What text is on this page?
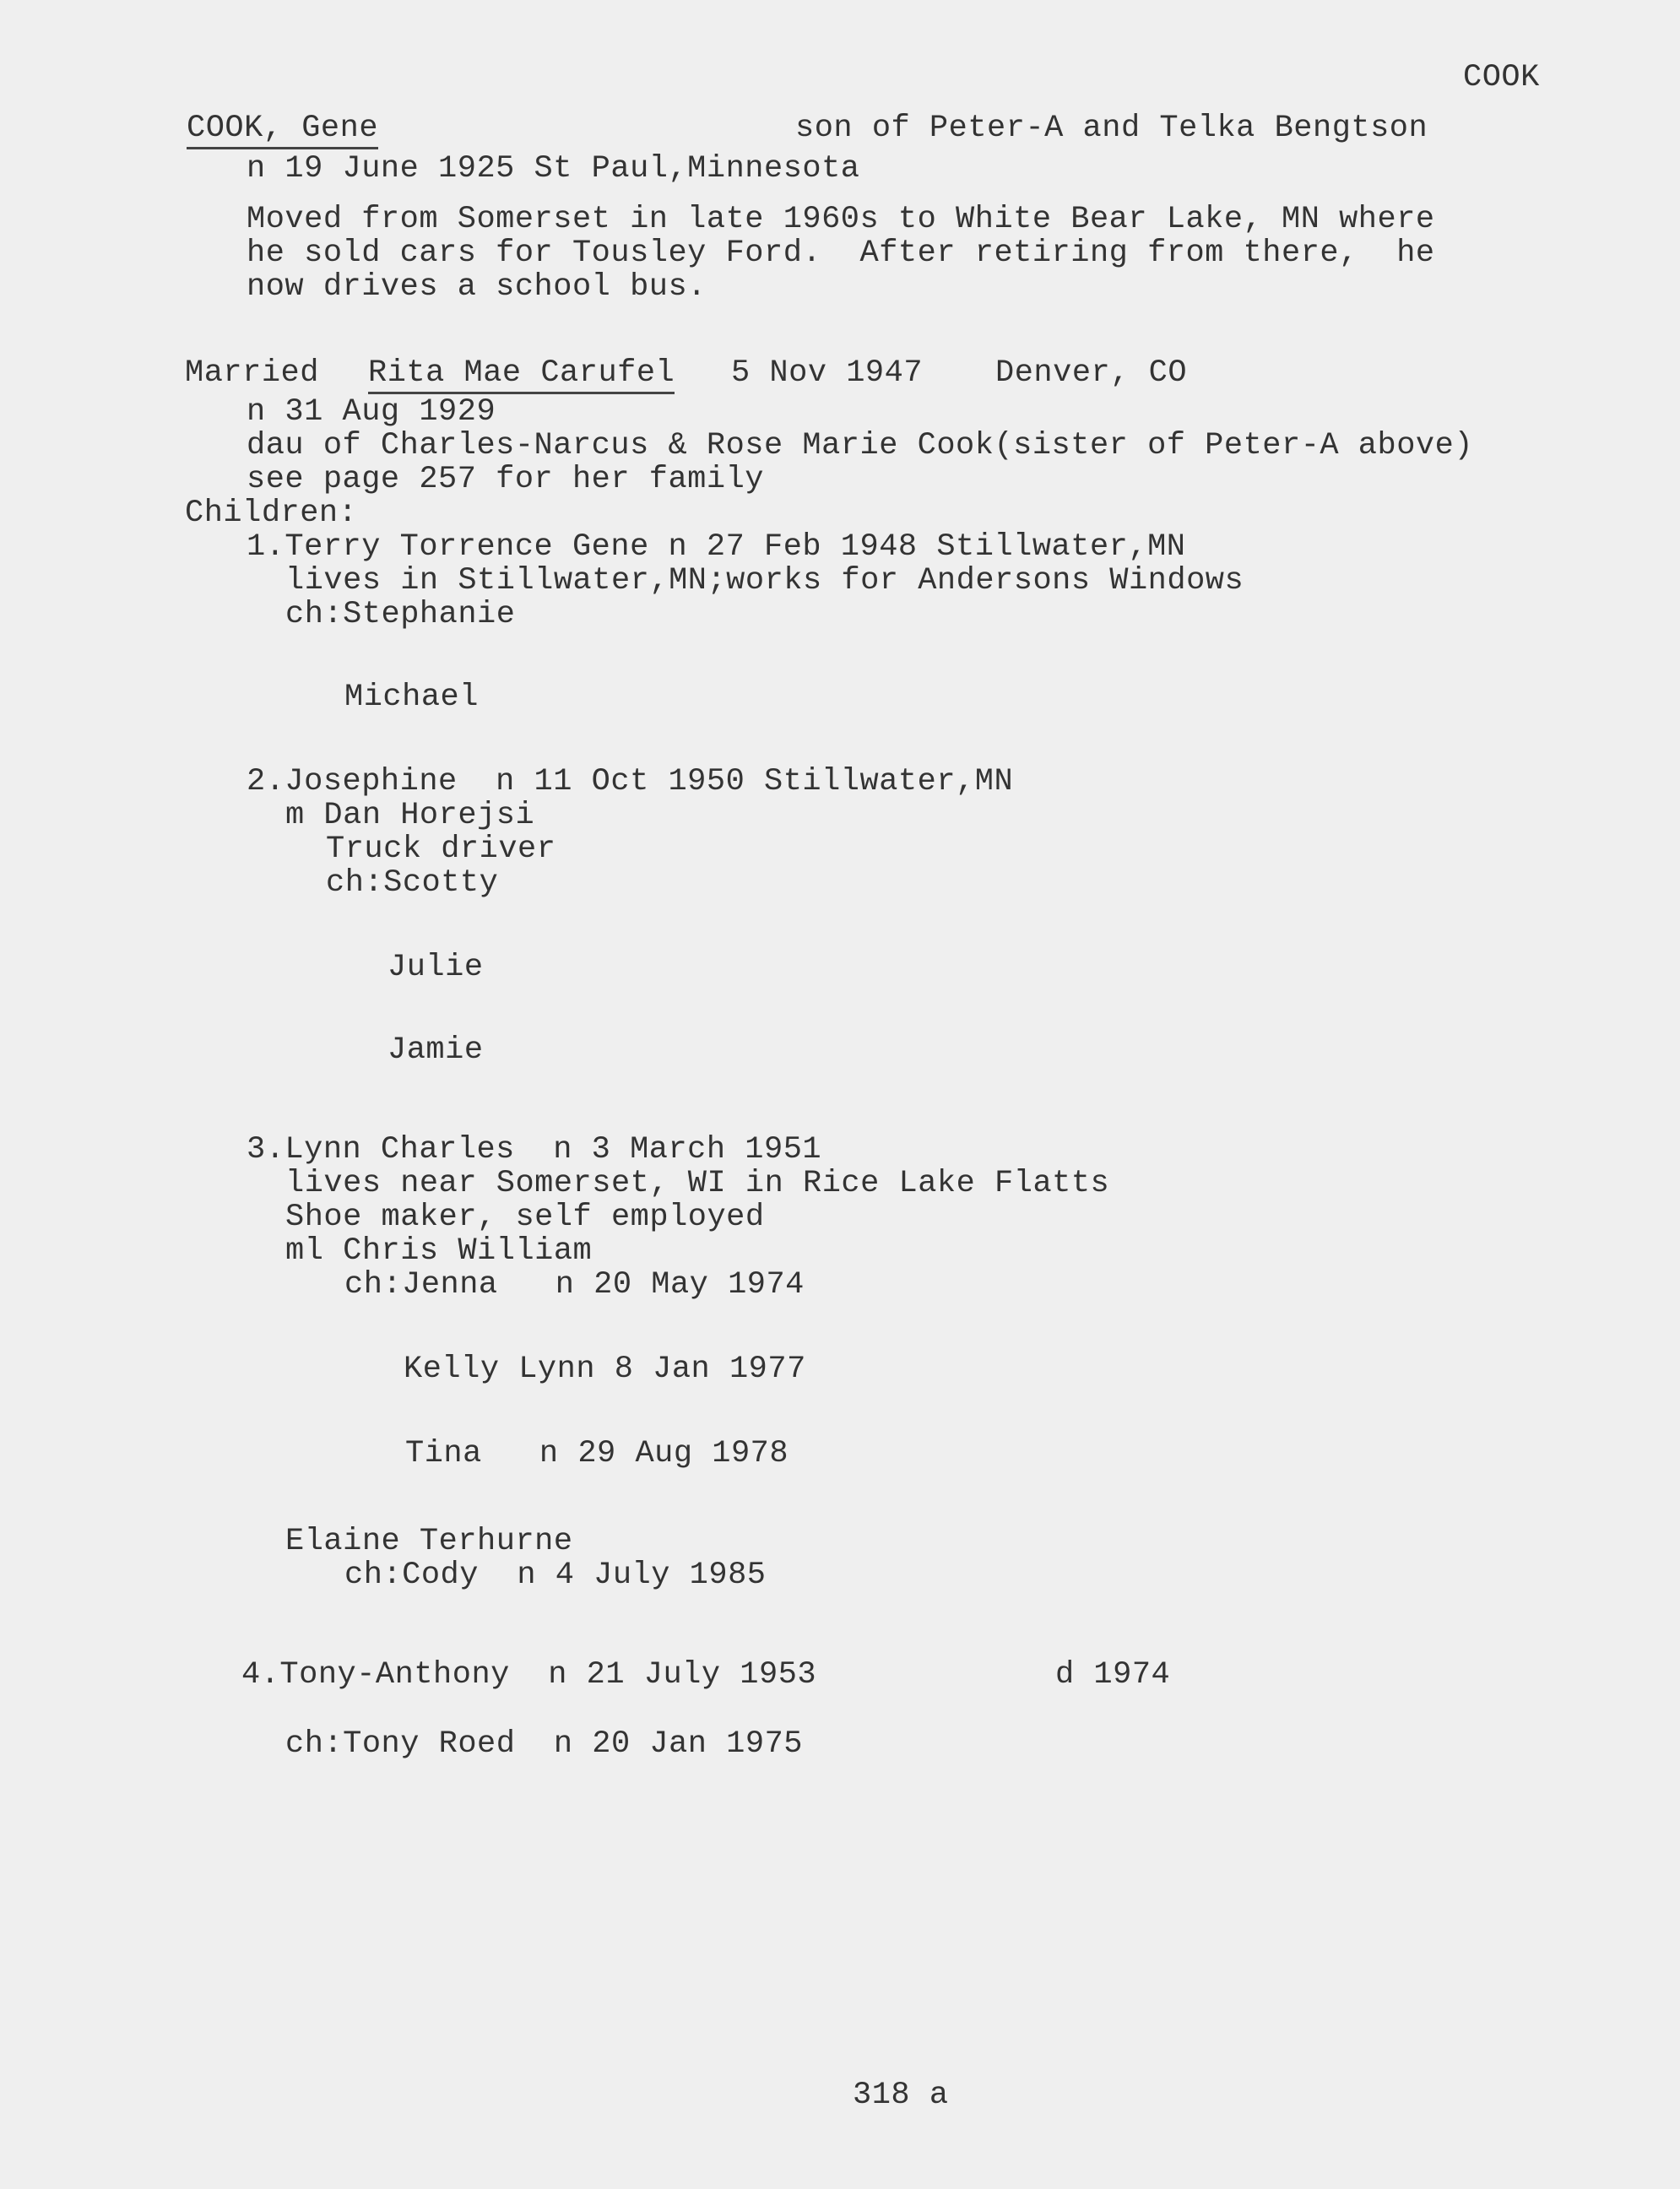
COOK
COOK, Gene	son of Peter-A and Telka Bengtson
n 19 June 1925 St Paul,Minnesota
Moved from Somerset in late 1960s to White Bear Lake, MN where
he sold cars for Tousley Ford.  After retiring from there,  he
now drives a school bus.
Married Rita Mae Carufel 5 Nov 1947 Denver, CO
n 31 Aug 1929
dau of Charles-Narcus & Rose Marie Cook(sister of Peter-A above)
see page 257 for her family
Children:
1.Terry Torrence Gene n 27 Feb 1948 Stillwater,MN
lives in Stillwater,MN;works for Andersons Windows
ch:Stephanie
Michael
2.Josephine  n 11 Oct 1950 Stillwater,MN
m Dan Horejsi
Truck driver
ch:Scotty
Julie
Jamie
3.Lynn Charles  n 3 March 1951
lives near Somerset, WI in Rice Lake Flatts
Shoe maker, self employed
ml Chris William
ch:Jenna   n 20 May 1974
Kelly Lynn 8 Jan 1977
Tina   n 29 Aug 1978
Elaine Terhurne
ch:Cody  n 4 July 1985
4.Tony-Anthony  n 21 July 1953	d 1974
ch:Tony Roed  n 20 Jan 1975
318 a
